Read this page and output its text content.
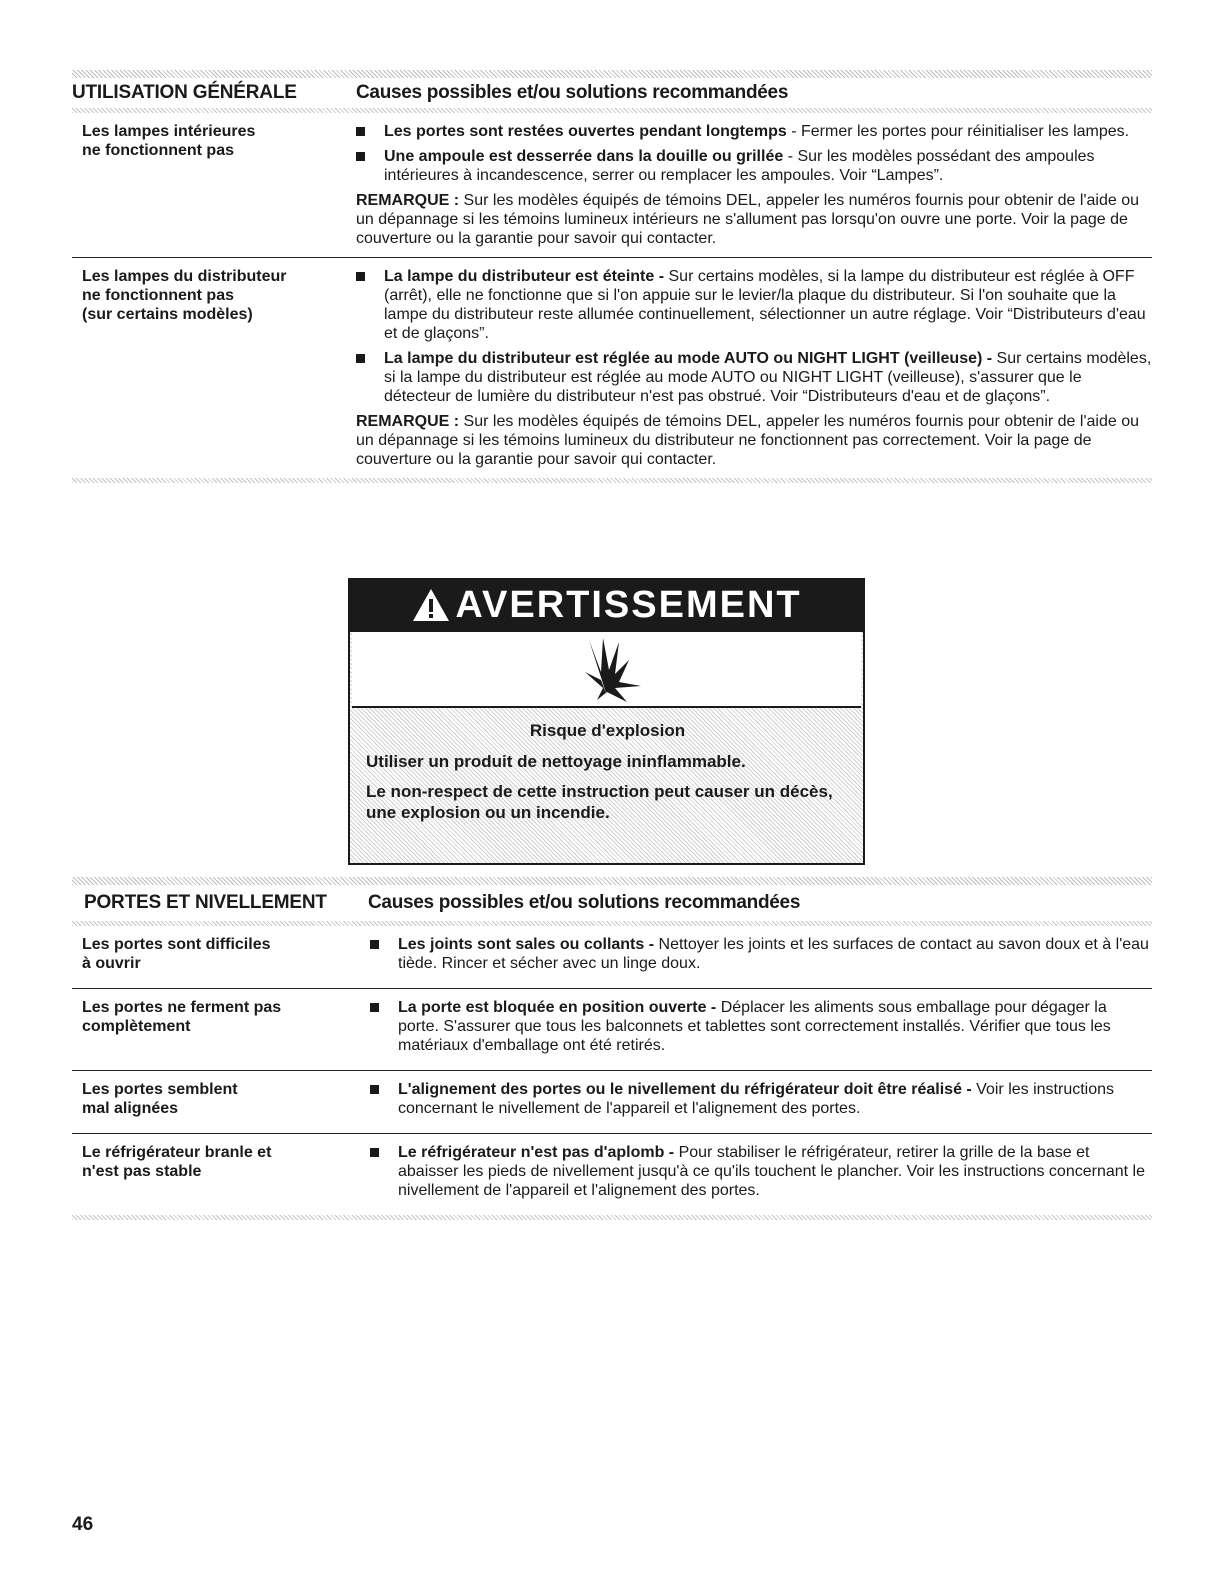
UTILISATION GÉNÉRALE	Causes possibles et/ou solutions recommandées
Les lampes intérieures
ne fonctionnent pas
Les portes sont restées ouvertes pendant longtemps - Fermer les portes pour réinitialiser les lampes.
Une ampoule est desserrée dans la douille ou grillée - Sur les modèles possédant des ampoules intérieures à incandescence, serrer ou remplacer les ampoules. Voir “Lampes”.
REMARQUE : Sur les modèles équipés de témoins DEL, appeler les numéros fournis pour obtenir de l'aide ou un dépannage si les témoins lumineux intérieurs ne s'allument pas lorsqu'on ouvre une porte. Voir la page de couverture ou la garantie pour savoir qui contacter.
Les lampes du distributeur
ne fonctionnent pas
(sur certains modèles)
La lampe du distributeur est éteinte - Sur certains modèles, si la lampe du distributeur est réglée à OFF (arrêt), elle ne fonctionne que si l'on appuie sur le levier/la plaque du distributeur. Si l'on souhaite que la lampe du distributeur reste allumée continuellement, sélectionner un autre réglage. Voir “Distributeurs d'eau et de glaçons”.
La lampe du distributeur est réglée au mode AUTO ou NIGHT LIGHT (veilleuse) - Sur certains modèles, si la lampe du distributeur est réglée au mode AUTO ou NIGHT LIGHT (veilleuse), s'assurer que le détecteur de lumière du distributeur n'est pas obstrué. Voir “Distributeurs d'eau et de glaçons”.
REMARQUE : Sur les modèles équipés de témoins DEL, appeler les numéros fournis pour obtenir de l'aide ou un dépannage si les témoins lumineux du distributeur ne fonctionnent pas correctement. Voir la page de couverture ou la garantie pour savoir qui contacter.
AVERTISSEMENT
Risque d'explosion

Utiliser un produit de nettoyage ininflammable.

Le non-respect de cette instruction peut causer un décès, une explosion ou un incendie.

PORTES ET NIVELLEMENT	Causes possibles et/ou solutions recommandées
Les portes sont difficiles
à ouvrir
Les joints sont sales ou collants - Nettoyer les joints et les surfaces de contact au savon doux et à l'eau tiède. Rincer et sécher avec un linge doux.
Les portes ne ferment pas
complètement
La porte est bloquée en position ouverte - Déplacer les aliments sous emballage pour dégager la porte. S'assurer que tous les balconnets et tablettes sont correctement installés. Vérifier que tous les matériaux d'emballage ont été retirés.
Les portes semblent
mal alignées
L'alignement des portes ou le nivellement du réfrigérateur doit être réalisé - Voir les instructions concernant le nivellement de l'appareil et l'alignement des portes.
Le réfrigérateur branle et
n'est pas stable
Le réfrigérateur n'est pas d'aplomb - Pour stabiliser le réfrigérateur, retirer la grille de la base et abaisser les pieds de nivellement jusqu'à ce qu'ils touchent le plancher. Voir les instructions concernant le nivellement de l'appareil et l'alignement des portes.
46
